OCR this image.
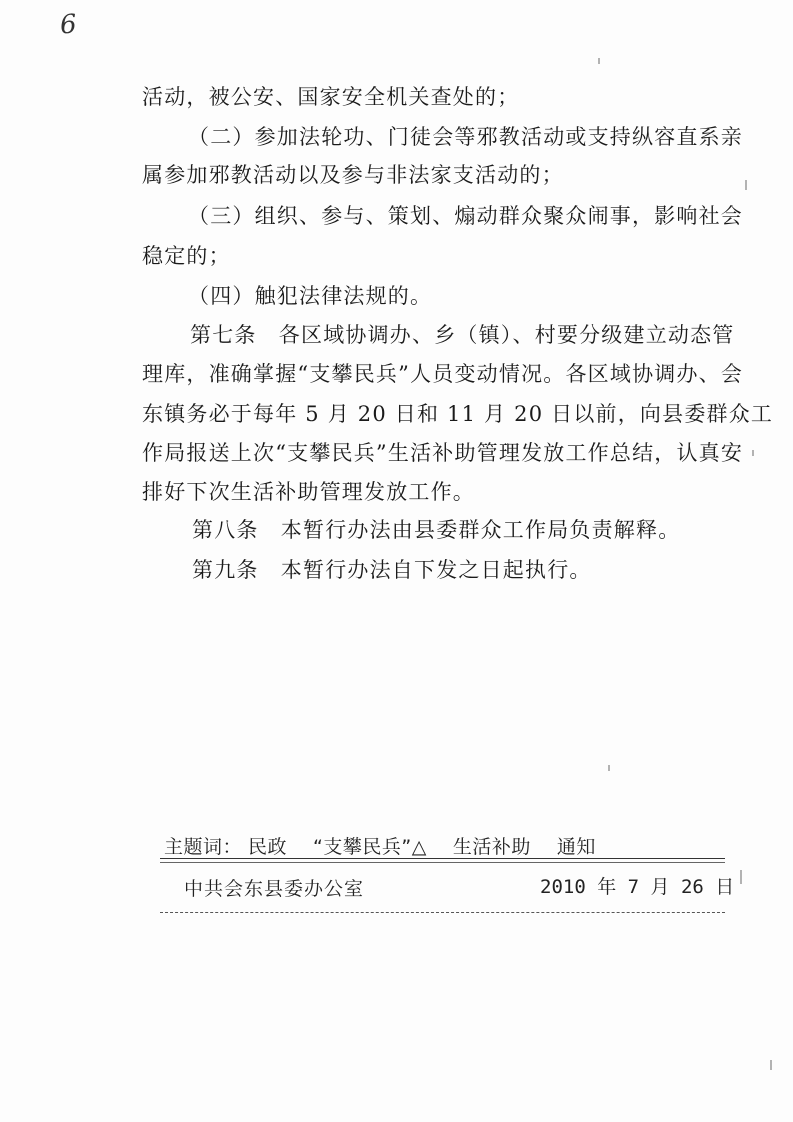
6
活动，被公安、国家安全机关查处的；
（二）参加法轮功、门徒会等邪教活动或支持纵容直系亲
属参加邪教活动以及参与非法家支活动的；
（三）组织、参与、策划、煽动群众聚众闹事，影响社会
稳定的；
（四）触犯法律法规的。
第七条　各区域协调办、乡（镇）、村要分级建立动态管
理库，准确掌握“支攀民兵”人员变动情况。各区域协调办、会
东镇务必于每年 5 月 20 日和 11 月 20 日以前，向县委群众工
作局报送上次“支攀民兵”生活补助管理发放工作总结，认真安
排好下次生活补助管理发放工作。
第八条　本暂行办法由县委群众工作局负责解释。
第九条　本暂行办法自下发之日起执行。
主题词： 民政 “支攀民兵”△ 生活补助 通知
中共会东县委办公室	2010 年 7 月 26 日
